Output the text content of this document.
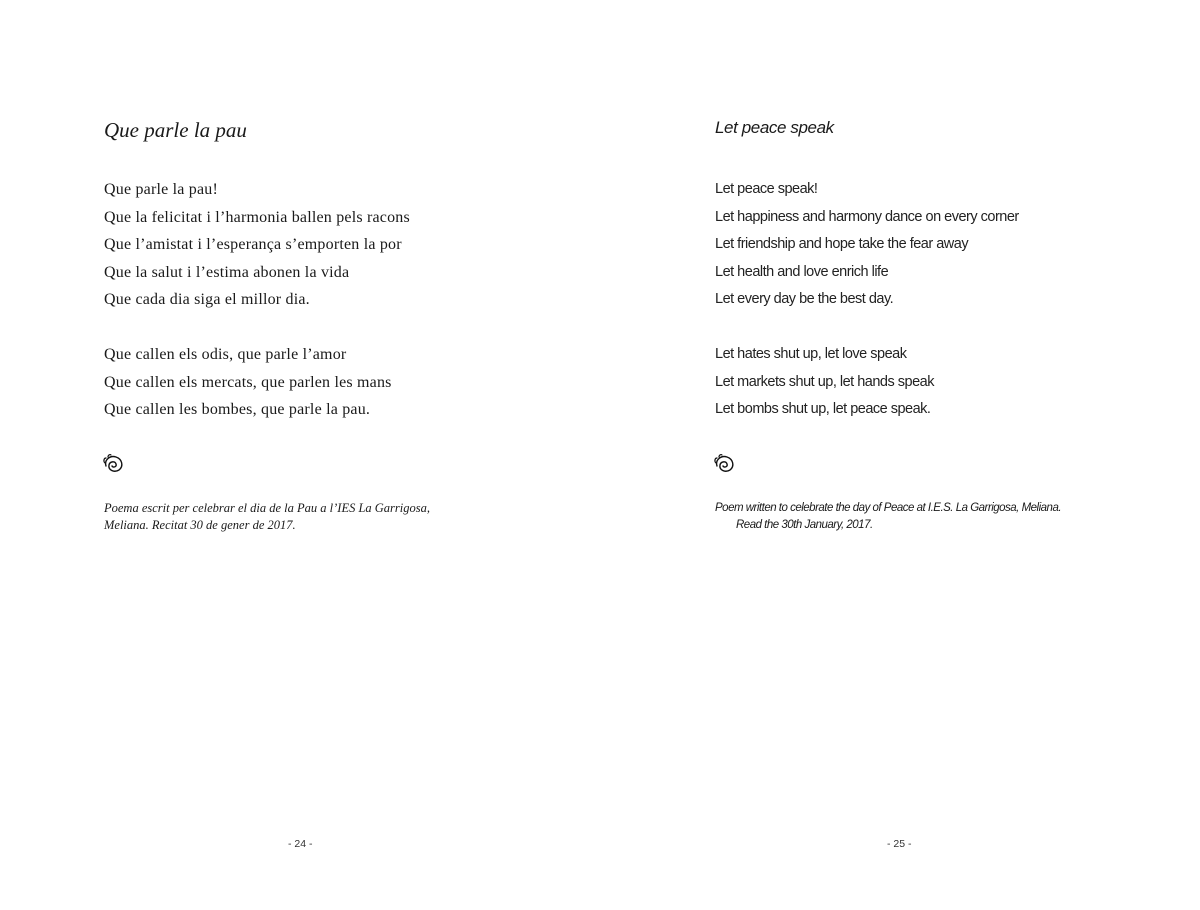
Que parle la pau

Que parle la pau!
Que la felicitat i l’harmonia ballen pels racons
Que l’amistat i l’esperança s’emporten la por
Que la salut i l’estima abonen la vida
Que cada dia siga el millor dia.

Que callen els odis, que parle l’amor
Que callen els mercats, que parlen les mans
Que callen les bombes, que parle la pau.

Poema escrit per celebrar el dia de la Pau a l’IES La Garrigosa,
Meliana. Recitat 30 de gener de 2017.

- 24 -

Let peace speak

Let peace speak!
Let happiness and harmony dance on every corner
Let friendship and hope take the fear away
Let health and love enrich life
Let every day be the best day.

Let hates shut up, let love speak
Let markets shut up, let hands speak
Let bombs shut up, let peace speak.

Poem written to celebrate the day of Peace at I.E.S. La Garrigosa, Meliana.
Read the 30th January, 2017.

- 25 -
